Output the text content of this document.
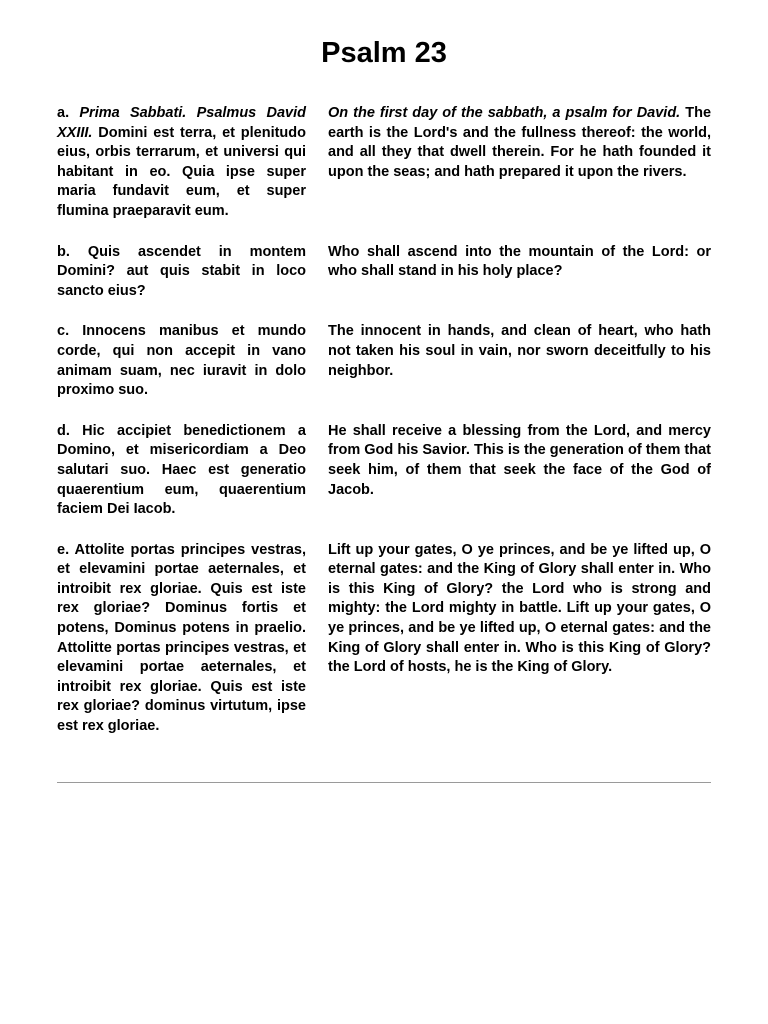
Psalm 23
a. Prima Sabbati. Psalmus David XXIII. Domini est terra, et plenitudo eius, orbis terrarum, et universi qui habitant in eo. Quia ipse super maria fundavit eum, et super flumina praeparavit eum.
On the first day of the sabbath, a psalm for David. The earth is the Lord's and the fullness thereof: the world, and all they that dwell therein. For he hath founded it upon the seas; and hath prepared it upon the rivers.
b. Quis ascendet in montem Domini? aut quis stabit in loco sancto eius?
Who shall ascend into the mountain of the Lord: or who shall stand in his holy place?
c. Innocens manibus et mundo corde, qui non accepit in vano animam suam, nec iuravit in dolo proximo suo.
The innocent in hands, and clean of heart, who hath not taken his soul in vain, nor sworn deceitfully to his neighbor.
d. Hic accipiet benedictionem a Domino, et misericordiam a Deo salutari suo. Haec est generatio quaerentium eum, quaerentium faciem Dei Iacob.
He shall receive a blessing from the Lord, and mercy from God his Savior. This is the generation of them that seek him, of them that seek the face of the God of Jacob.
e. Attolite portas principes vestras, et elevamini portae aeternales, et introibit rex gloriae. Quis est iste rex gloriae? Dominus fortis et potens, Dominus potens in praelio. Attolitte portas principes vestras, et elevamini portae aeternales, et introibit rex gloriae. Quis est iste rex gloriae? dominus virtutum, ipse est rex gloriae.
Lift up your gates, O ye princes, and be ye lifted up, O eternal gates: and the King of Glory shall enter in. Who is this King of Glory? the Lord who is strong and mighty: the Lord mighty in battle. Lift up your gates, O ye princes, and be ye lifted up, O eternal gates: and the King of Glory shall enter in. Who is this King of Glory? the Lord of hosts, he is the King of Glory.
